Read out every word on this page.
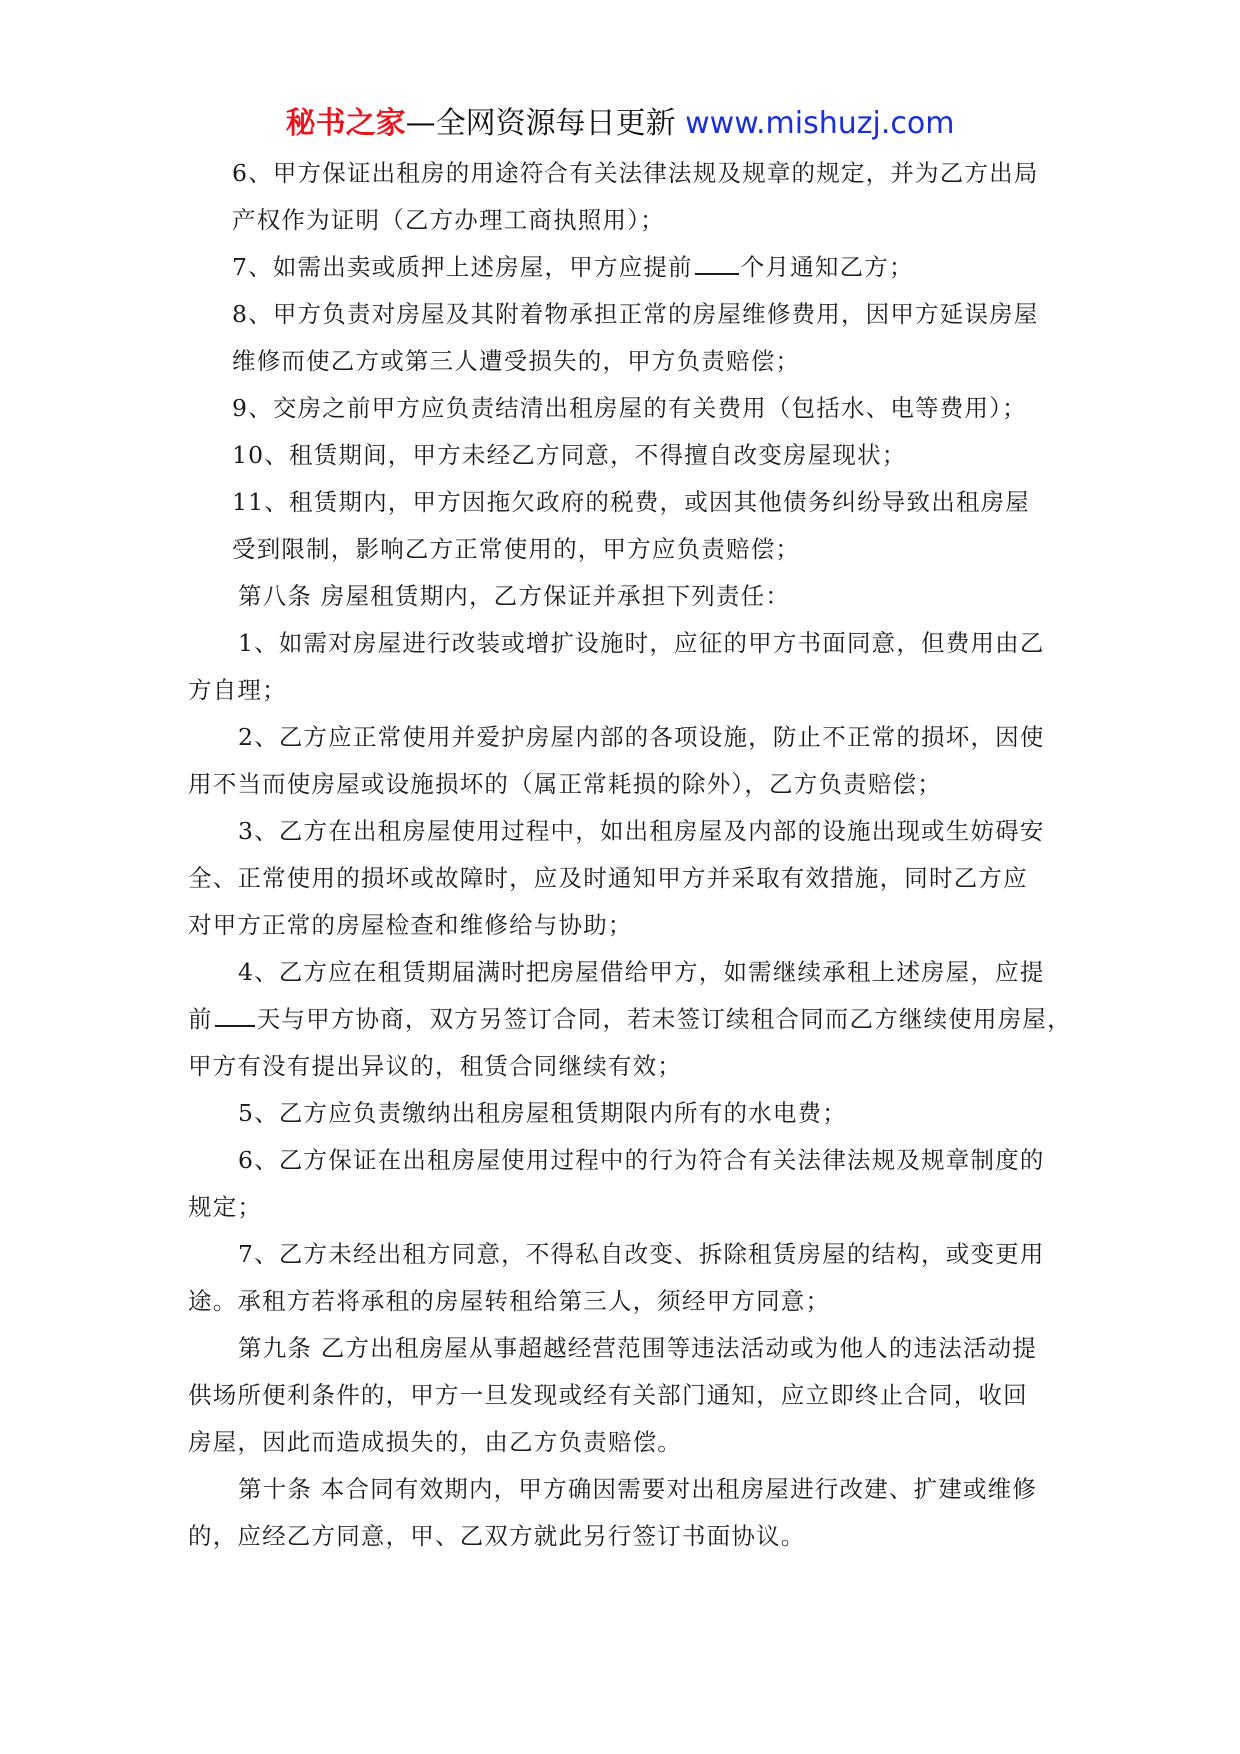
秘书之家—全网资源每日更新 www.mishuzj.com

6、甲方保证出租房的用途符合有关法律法规及规章的规定，并为乙方出局
产权作为证明（乙方办理工商执照用）；

7、如需出卖或质押上述房屋，甲方应提前 个月通知乙方；

8、甲方负责对房屋及其附着物承担正常的房屋维修费用，因甲方延误房屋
维修而使乙方或第三人遭受损失的，甲方负责赔偿；

9、交房之前甲方应负责结清出租房屋的有关费用（包括水、电等费用）；

10、租赁期间，甲方未经乙方同意，不得擅自改变房屋现状；

11、租赁期内，甲方因拖欠政府的税费，或因其他债务纠纷导致出租房屋
受到限制，影响乙方正常使用的，甲方应负责赔偿；

第八条 房屋租赁期内，乙方保证并承担下列责任：

1、如需对房屋进行改装或增扩设施时，应征的甲方书面同意，但费用由乙
方自理；

2、乙方应正常使用并爱护房屋内部的各项设施，防止不正常的损坏，因使
用不当而使房屋或设施损坏的（属正常耗损的除外），乙方负责赔偿；

3、乙方在出租房屋使用过程中，如出租房屋及内部的设施出现或生妨碍安
全、正常使用的损坏或故障时，应及时通知甲方并采取有效措施，同时乙方应
对甲方正常的房屋检查和维修给与协助；

4、乙方应在租赁期届满时把房屋借给甲方，如需继续承租上述房屋，应提
前 天与甲方协商，双方另签订合同，若未签订续租合同而乙方继续使用房屋，
甲方有没有提出异议的，租赁合同继续有效；

5、乙方应负责缴纳出租房屋租赁期限内所有的水电费；

6、乙方保证在出租房屋使用过程中的行为符合有关法律法规及规章制度的
规定；

7、乙方未经出租方同意，不得私自改变、拆除租赁房屋的结构，或变更用
途。承租方若将承租的房屋转租给第三人，须经甲方同意；

第九条 乙方出租房屋从事超越经营范围等违法活动或为他人的违法活动提
供场所便利条件的，甲方一旦发现或经有关部门通知，应立即终止合同，收回
房屋，因此而造成损失的，由乙方负责赔偿。

第十条 本合同有效期内，甲方确因需要对出租房屋进行改建、扩建或维修
的，应经乙方同意，甲、乙双方就此另行签订书面协议。
